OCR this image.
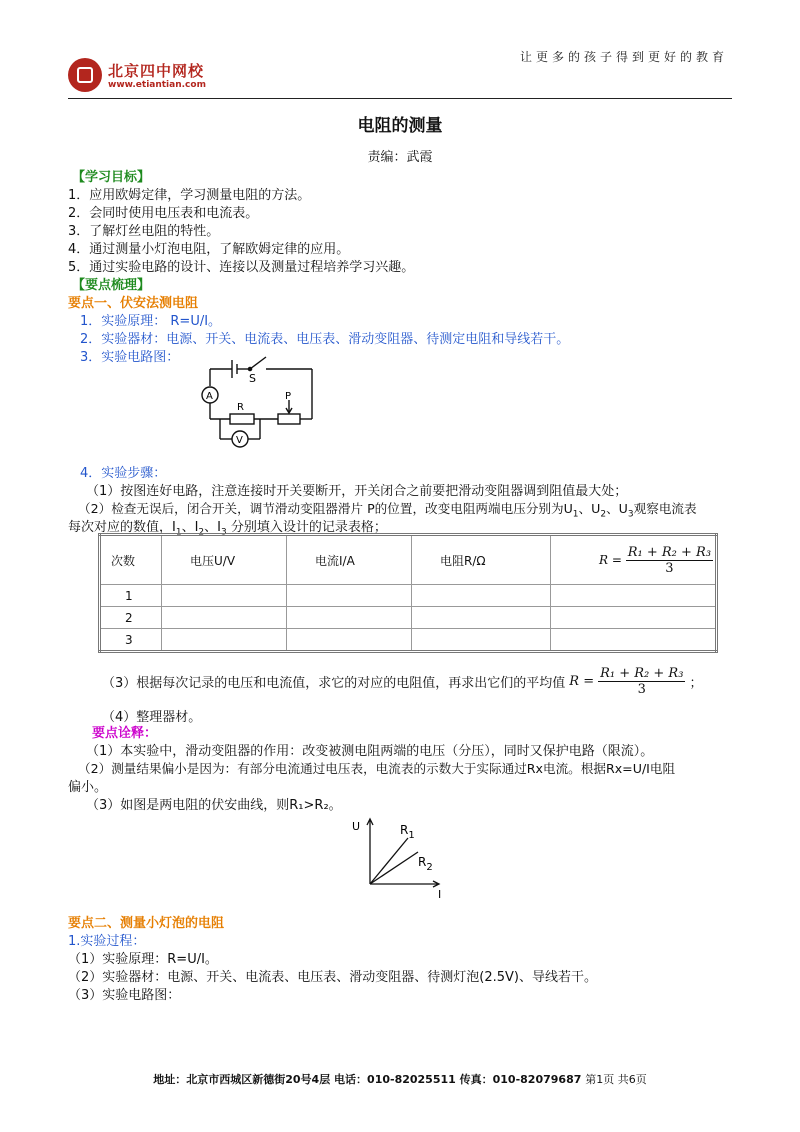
让更多的孩子得到更好的教育
北京四中网校
www.etiantian.com
电阻的测量
责编：武霞
【学习目标】
1．应用欧姆定律，学习测量电阻的方法。
2．会同时使用电压表和电流表。
3．了解灯丝电阻的特性。
4．通过测量小灯泡电阻，了解欧姆定律的应用。
5．通过实验电路的设计、连接以及测量过程培养学习兴趣。
【要点梳理】
要点一、伏安法测电阻
1．实验原理： R=U/I。
2．实验器材：电源、开关、电流表、电压表、滑动变阻器、待测定电阻和导线若干。
3．实验电路图：
S
A
R
P
V
4．实验步骤：
（1）按图连好电路，注意连接时开关要断开，开关闭合之前要把滑动变阻器调到阻值最大处；
（2）检查无误后，闭合开关，调节滑动变阻器滑片 P的位置，改变电阻两端电压分别为$U_1$、$U_2$、$U_3$观察电流表
每次对应的数值，$I_1$、$I_2$、$I_3$ 分别填入设计的记录表格；
次数	电压U/V	电流I/A	电阻R/Ω	$R = \frac{\text{R₁ + R₂ + R₃}}{3}$

1				
2				
3				
（3）根据每次记录的电压和电流值，求它的对应的电阻值，再求出它们的平均值 $R = \frac{\text{R₁ + R₂ + R₃}}{3}$ ；
（4）整理器材。
要点诠释：
（1）本实验中，滑动变阻器的作用：改变被测电阻两端的电压（分压），同时又保护电路（限流）。
（2）测量结果偏小是因为：有部分电流通过电压表，电流表的示数大于实际通过Rx电流。根据Rx=U/I电阻
偏小。
（3）如图是两电阻的伏安曲线，则R₁>R₂。
U
I
$R_1$
$R_2$
要点二、测量小灯泡的电阻
1.实验过程：
（1）实验原理：R=U/I。
（2）实验器材：电源、开关、电流表、电压表、滑动变阻器、待测灯泡(2.5V)、导线若干。
（3）实验电路图：
地址：北京市西城区新德街20号4层 电话：010-82025511 传真：010-82079687 第1页 共6页
